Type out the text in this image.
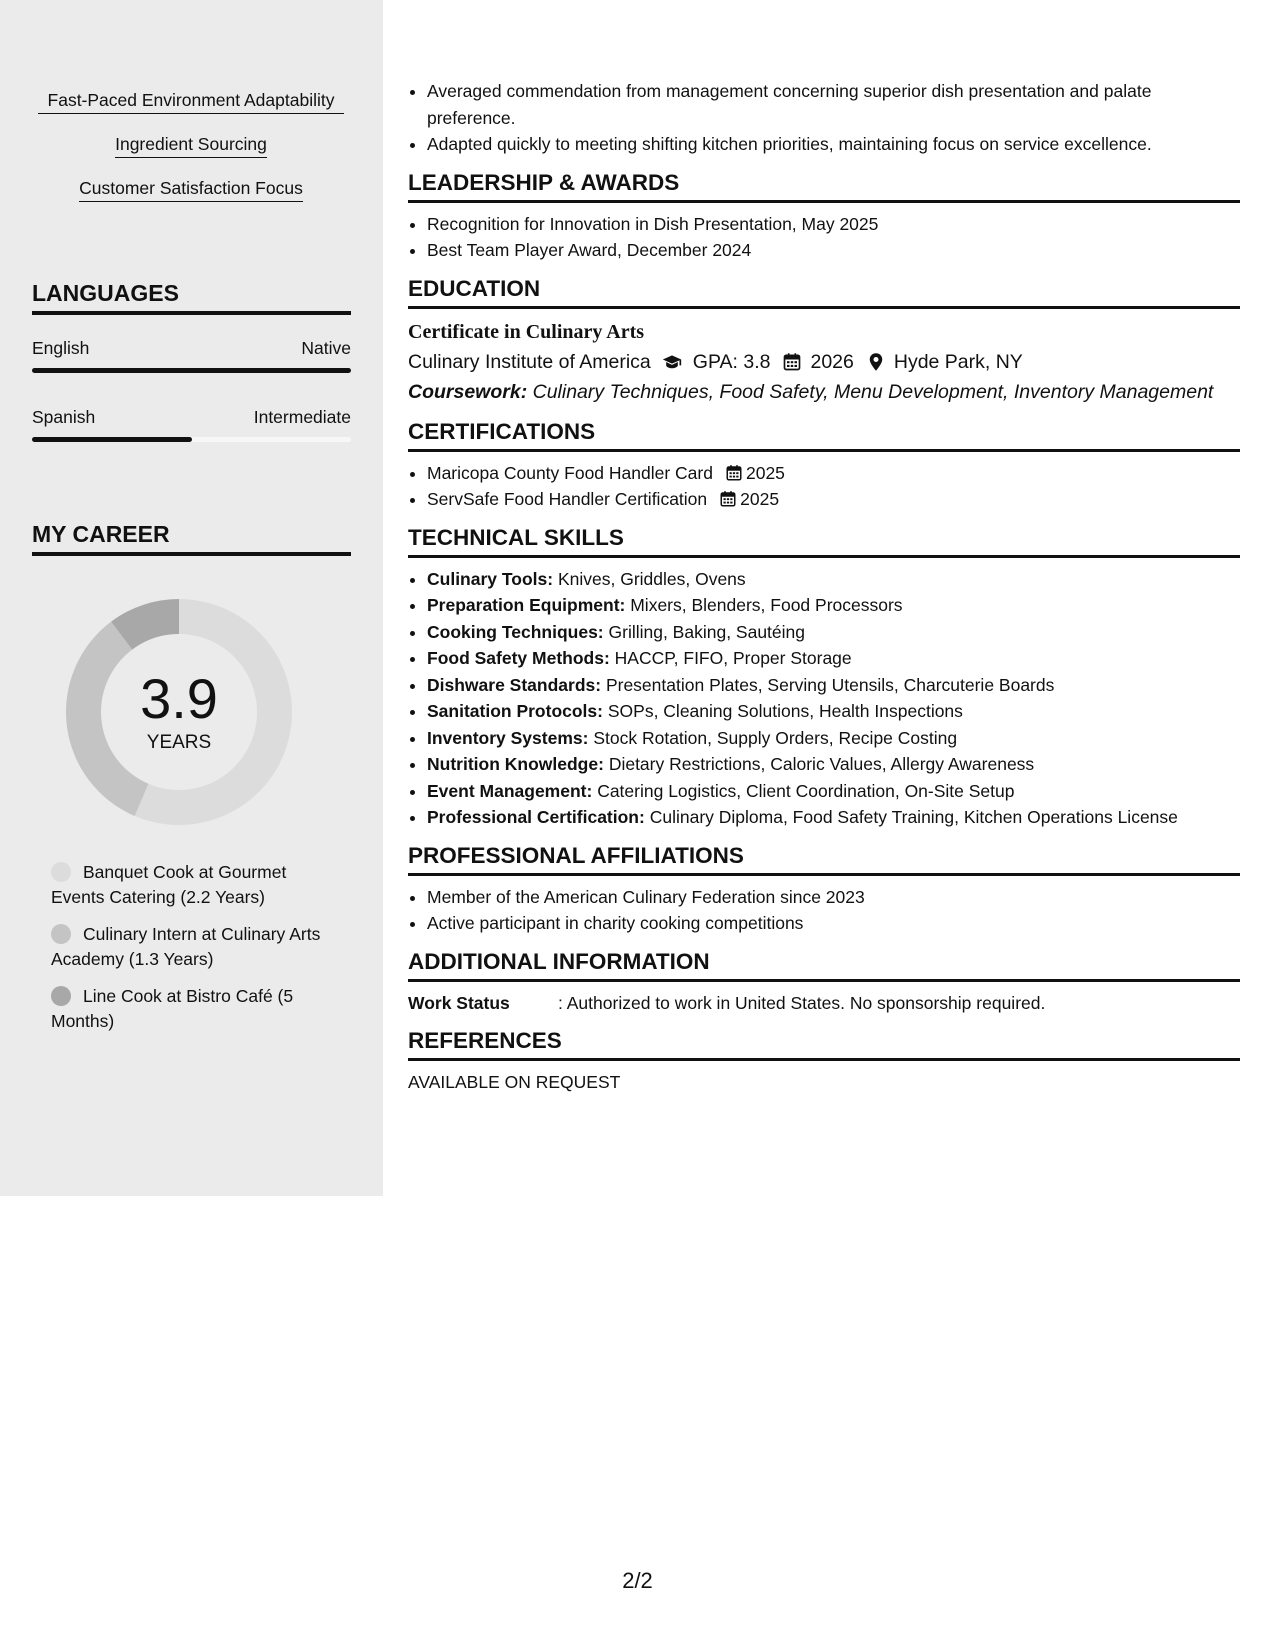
Fast-Paced Environment Adaptability
Ingredient Sourcing
Customer Satisfaction Focus
LANGUAGES
English	Native
Spanish	Intermediate
MY CAREER
3.9
YEARS
Banquet Cook at Gourmet Events Catering (2.2 Years)
Culinary Intern at Culinary Arts Academy (1.3 Years)
Line Cook at Bistro Café (5 Months)
• Averaged commendation from management concerning superior dish presentation and palate preference.
• Adapted quickly to meeting shifting kitchen priorities, maintaining focus on service excellence.
LEADERSHIP & AWARDS
• Recognition for Innovation in Dish Presentation, May 2025
• Best Team Player Award, December 2024
EDUCATION
Certificate in Culinary Arts
Culinary Institute of America GPA: 3.8 2026 Hyde Park, NY
Coursework: Culinary Techniques, Food Safety, Menu Development, Inventory Management
CERTIFICATIONS
• Maricopa County Food Handler Card 2025
• ServSafe Food Handler Certification 2025
TECHNICAL SKILLS
• Culinary Tools: Knives, Griddles, Ovens
• Preparation Equipment: Mixers, Blenders, Food Processors
• Cooking Techniques: Grilling, Baking, Sautéing
• Food Safety Methods: HACCP, FIFO, Proper Storage
• Dishware Standards: Presentation Plates, Serving Utensils, Charcuterie Boards
• Sanitation Protocols: SOPs, Cleaning Solutions, Health Inspections
• Inventory Systems: Stock Rotation, Supply Orders, Recipe Costing
• Nutrition Knowledge: Dietary Restrictions, Caloric Values, Allergy Awareness
• Event Management: Catering Logistics, Client Coordination, On-Site Setup
• Professional Certification: Culinary Diploma, Food Safety Training, Kitchen Operations License
PROFESSIONAL AFFILIATIONS
• Member of the American Culinary Federation since 2023
• Active participant in charity cooking competitions
ADDITIONAL INFORMATION
Work Status	: Authorized to work in United States. No sponsorship required.
REFERENCES
AVAILABLE ON REQUEST
2/2
